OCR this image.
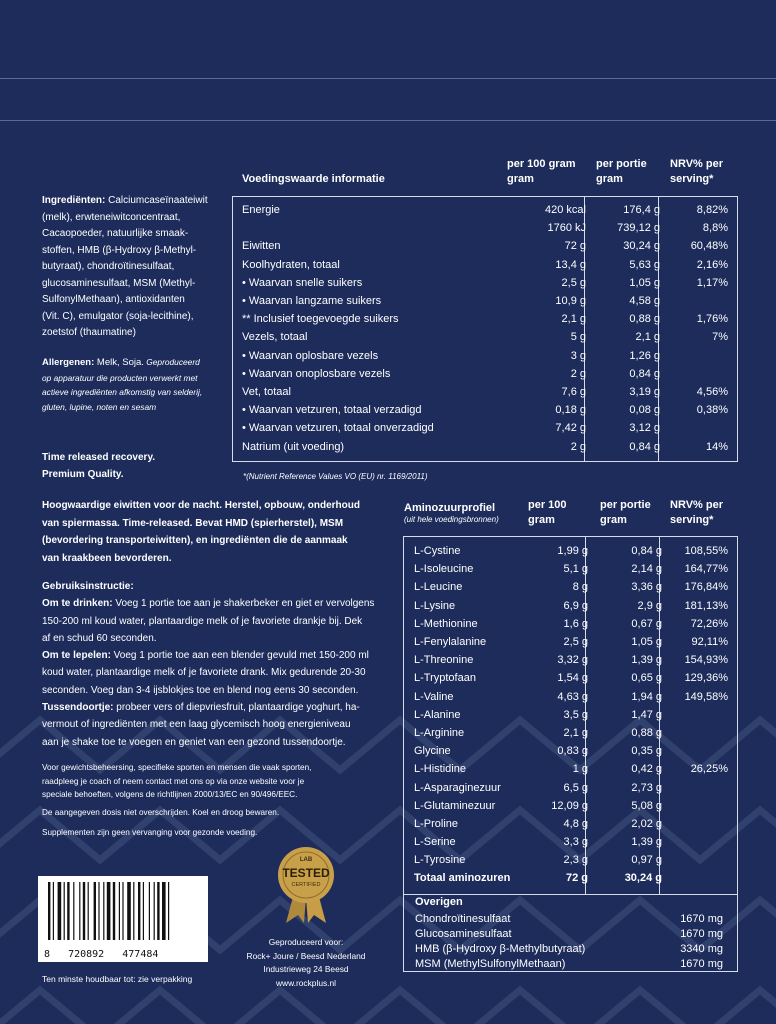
Voedingswaarde informatie
per 100 gram gram
per portie gram
NRV% per serving*
Energie	420 kcal	176,4 g	8,82%
	1760 kJ	739,12 g	8,8%
Eiwitten	72 g	30,24 g	60,48%
Koolhydraten, totaal	13,4 g	5,63 g	2,16%
• Waarvan snelle suikers	2,5 g	1,05 g	1,17%
• Waarvan langzame suikers	10,9 g	4,58 g	
** Inclusief toegevoegde suikers	2,1 g	0,88 g	1,76%
Vezels, totaal	5 g	2,1 g	7%
• Waarvan oplosbare vezels	3 g	1,26 g	
• Waarvan onoplosbare vezels	2 g	0,84 g	
Vet, totaal	7,6 g	3,19 g	4,56%
• Waarvan vetzuren, totaal verzadigd	0,18 g	0,08 g	0,38%
• Waarvan vetzuren, totaal onverzadigd	7,42 g	3,12 g	
Natrium (uit voeding)	2 g	0,84 g	14%
*(Nutrient Reference Values VO (EU) nr. 1169/2011)
Aminozuurprofiel
(uit hele voedingsbronnen)
per 100 gram
per portie gram
NRV% per serving*
L-Cystine	1,99 g	0,84 g	108,55%
L-Isoleucine	5,1 g	2,14 g	164,77%
L-Leucine	8 g	3,36 g	176,84%
L-Lysine	6,9 g	2,9 g	181,13%
L-Methionine	1,6 g	0,67 g	72,26%
L-Fenylalanine	2,5 g	1,05 g	92,11%
L-Threonine	3,32 g	1,39 g	154,93%
L-Tryptofaan	1,54 g	0,65 g	129,36%
L-Valine	4,63 g	1,94 g	149,58%
L-Alanine	3,5 g	1,47 g	
L-Arginine	2,1 g	0,88 g	
Glycine	0,83 g	0,35 g	
L-Histidine	1 g	0,42 g	26,25%
L-Asparaginezuur	6,5 g	2,73 g	
L-Glutaminezuur	12,09 g	5,08 g	
L-Proline	4,8 g	2,02 g	
L-Serine	3,3 g	1,39 g	
L-Tyrosine	2,3 g	0,97 g	
Totaal aminozuren	72 g	30,24 g	
Overigen
Chondroïtinesulfaat	1670 mg
Glucosaminesulfaat	1670 mg
HMB (β-Hydroxy β-Methylbutyraat)	3340 mg
MSM (MethylSulfonylMethaan)	1670 mg
Ingrediënten: Calciumcaseïnaateiwit
(melk), erwteneiwitconcentraat,
Cacaopoeder, natuurlijke smaak-
stoffen, HMB (β-Hydroxy β-Methyl-
butyraat), chondroïtinesulfaat,
glucosaminesulfaat, MSM (Methyl-
SulfonylMethaan), antioxidanten
(Vit. C), emulgator (soja-lecithine),
zoetstof (thaumatine)
Allergenen: Melk, Soja. Geproduceerd
op apparatuur die producten verwerkt met
actieve ingrediënten afkomstig van selderij,
gluten, lupine, noten en sesam
Time released recovery.
Premium Quality.
Hoogwaardige eiwitten voor de nacht. Herstel, opbouw, onderhoud
van spiermassa. Time-released. Bevat HMD (spierherstel), MSM
(bevordering transporteiwitten), en ingrediënten die de aanmaak
van kraakbeen bevorderen.
Gebruiksinstructie:
Om te drinken: Voeg 1 portie toe aan je shakerbeker en giet er vervolgens
150-200 ml koud water, plantaardige melk of je favoriete drankje bij. Dek
af en schud 60 seconden.
Om te lepelen: Voeg 1 portie toe aan een blender gevuld met 150-200 ml
koud water, plantaardige melk of je favoriete drank. Mix gedurende 20-30
seconden. Voeg dan 3-4 ijsblokjes toe en blend nog eens 30 seconden.
Tussendoortje: probeer vers of diepvriesfruit, plantaardige yoghurt, ha-
vermout of ingrediënten met een laag glycemisch hoog energieniveau
aan je shake toe te voegen en geniet van een gezond tussendoortje.
Voor gewichtsbeheersing, specifieke sporten en mensen die vaak sporten,
raadpleeg je coach of neem contact met ons op via onze website voor je
speciale behoeften, volgens de richtlijnen 2000/13/EC en 90/496/EEC.
De aangegeven dosis niet overschrijden. Koel en droog bewaren.
Supplementen zijn geen vervanging voor gezonde voeding.
8   720892   477484
Ten minste houdbaar tot: zie verpakking
LAB
TESTED
CERTIFIED
Geproduceerd voor:
Rock+ Joure / Beesd Nederland
Industrieweg 24 Beesd
www.rockplus.nl
